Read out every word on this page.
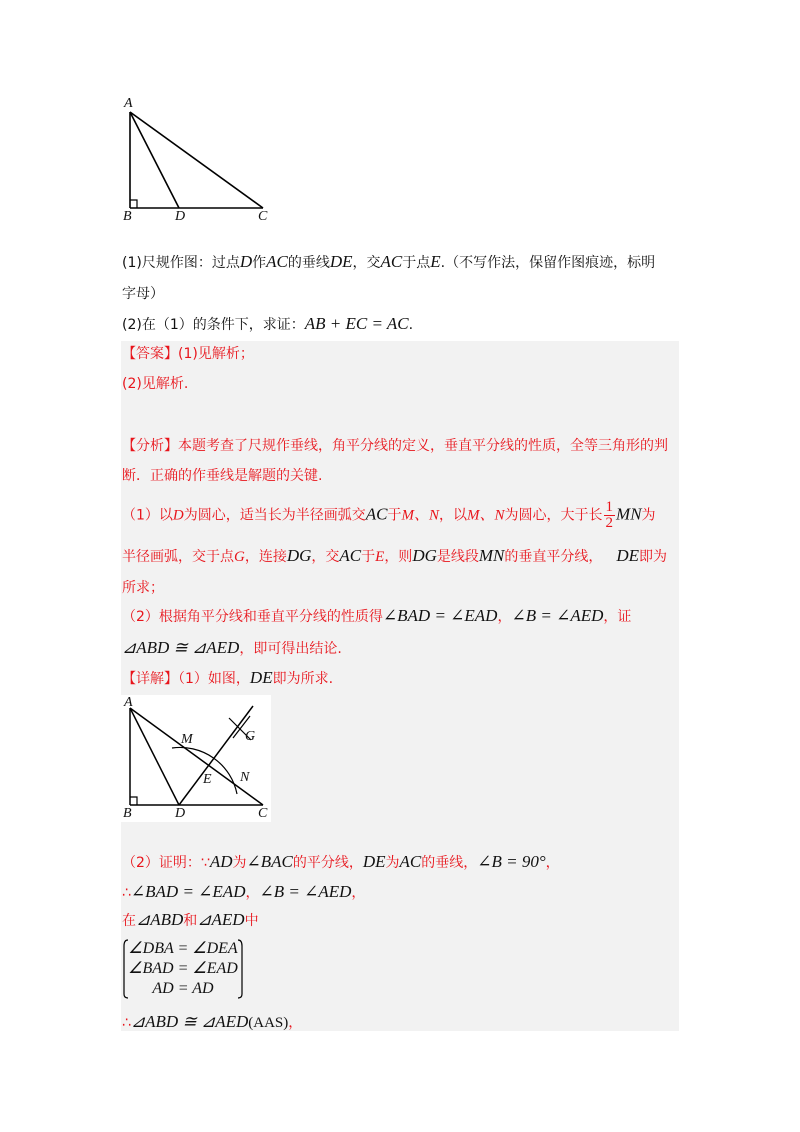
A
B	D	C
(1)尺规作图：过点D作AC的垂线DE，交AC于点E.（不写作法，保留作图痕迹，标明
字母）
(2)在（1）的条件下，求证：AB + EC = AC.
【答案】(1)见解析；
(2)见解析.
【分析】本题考查了尺规作垂线，角平分线的定义，垂直平分线的性质，全等三角形的判
断．正确的作垂线是解题的关键.
（1）以D为圆心，适当长为半径画弧交AC于M、N，以M、N为圆心，大于长 $\frac{1}{2}$ MN为
半径画弧，交于点G，连接DG，交AC于E，则DG是线段MN的垂直平分线， DE即为
所求；
（2）根据角平分线和垂直平分线的性质得∠BAD = ∠EAD，∠B = ∠AED，证
⊿ABD ≅ ⊿AED，即可得出结论.
【详解】（1）如图，DE即为所求.
A
M	G
E N
B	D	C
（2）证明：∵AD为∠BAC的平分线，DE为AC的垂线，∠B = 90°，
∴∠BAD = ∠EAD，∠B = ∠AED，
在⊿ABD和⊿AED中
∠DBA = ∠DEA
∠BAD = ∠EAD
AD = AD
∴⊿ABD ≅ ⊿AED(AAS)，
